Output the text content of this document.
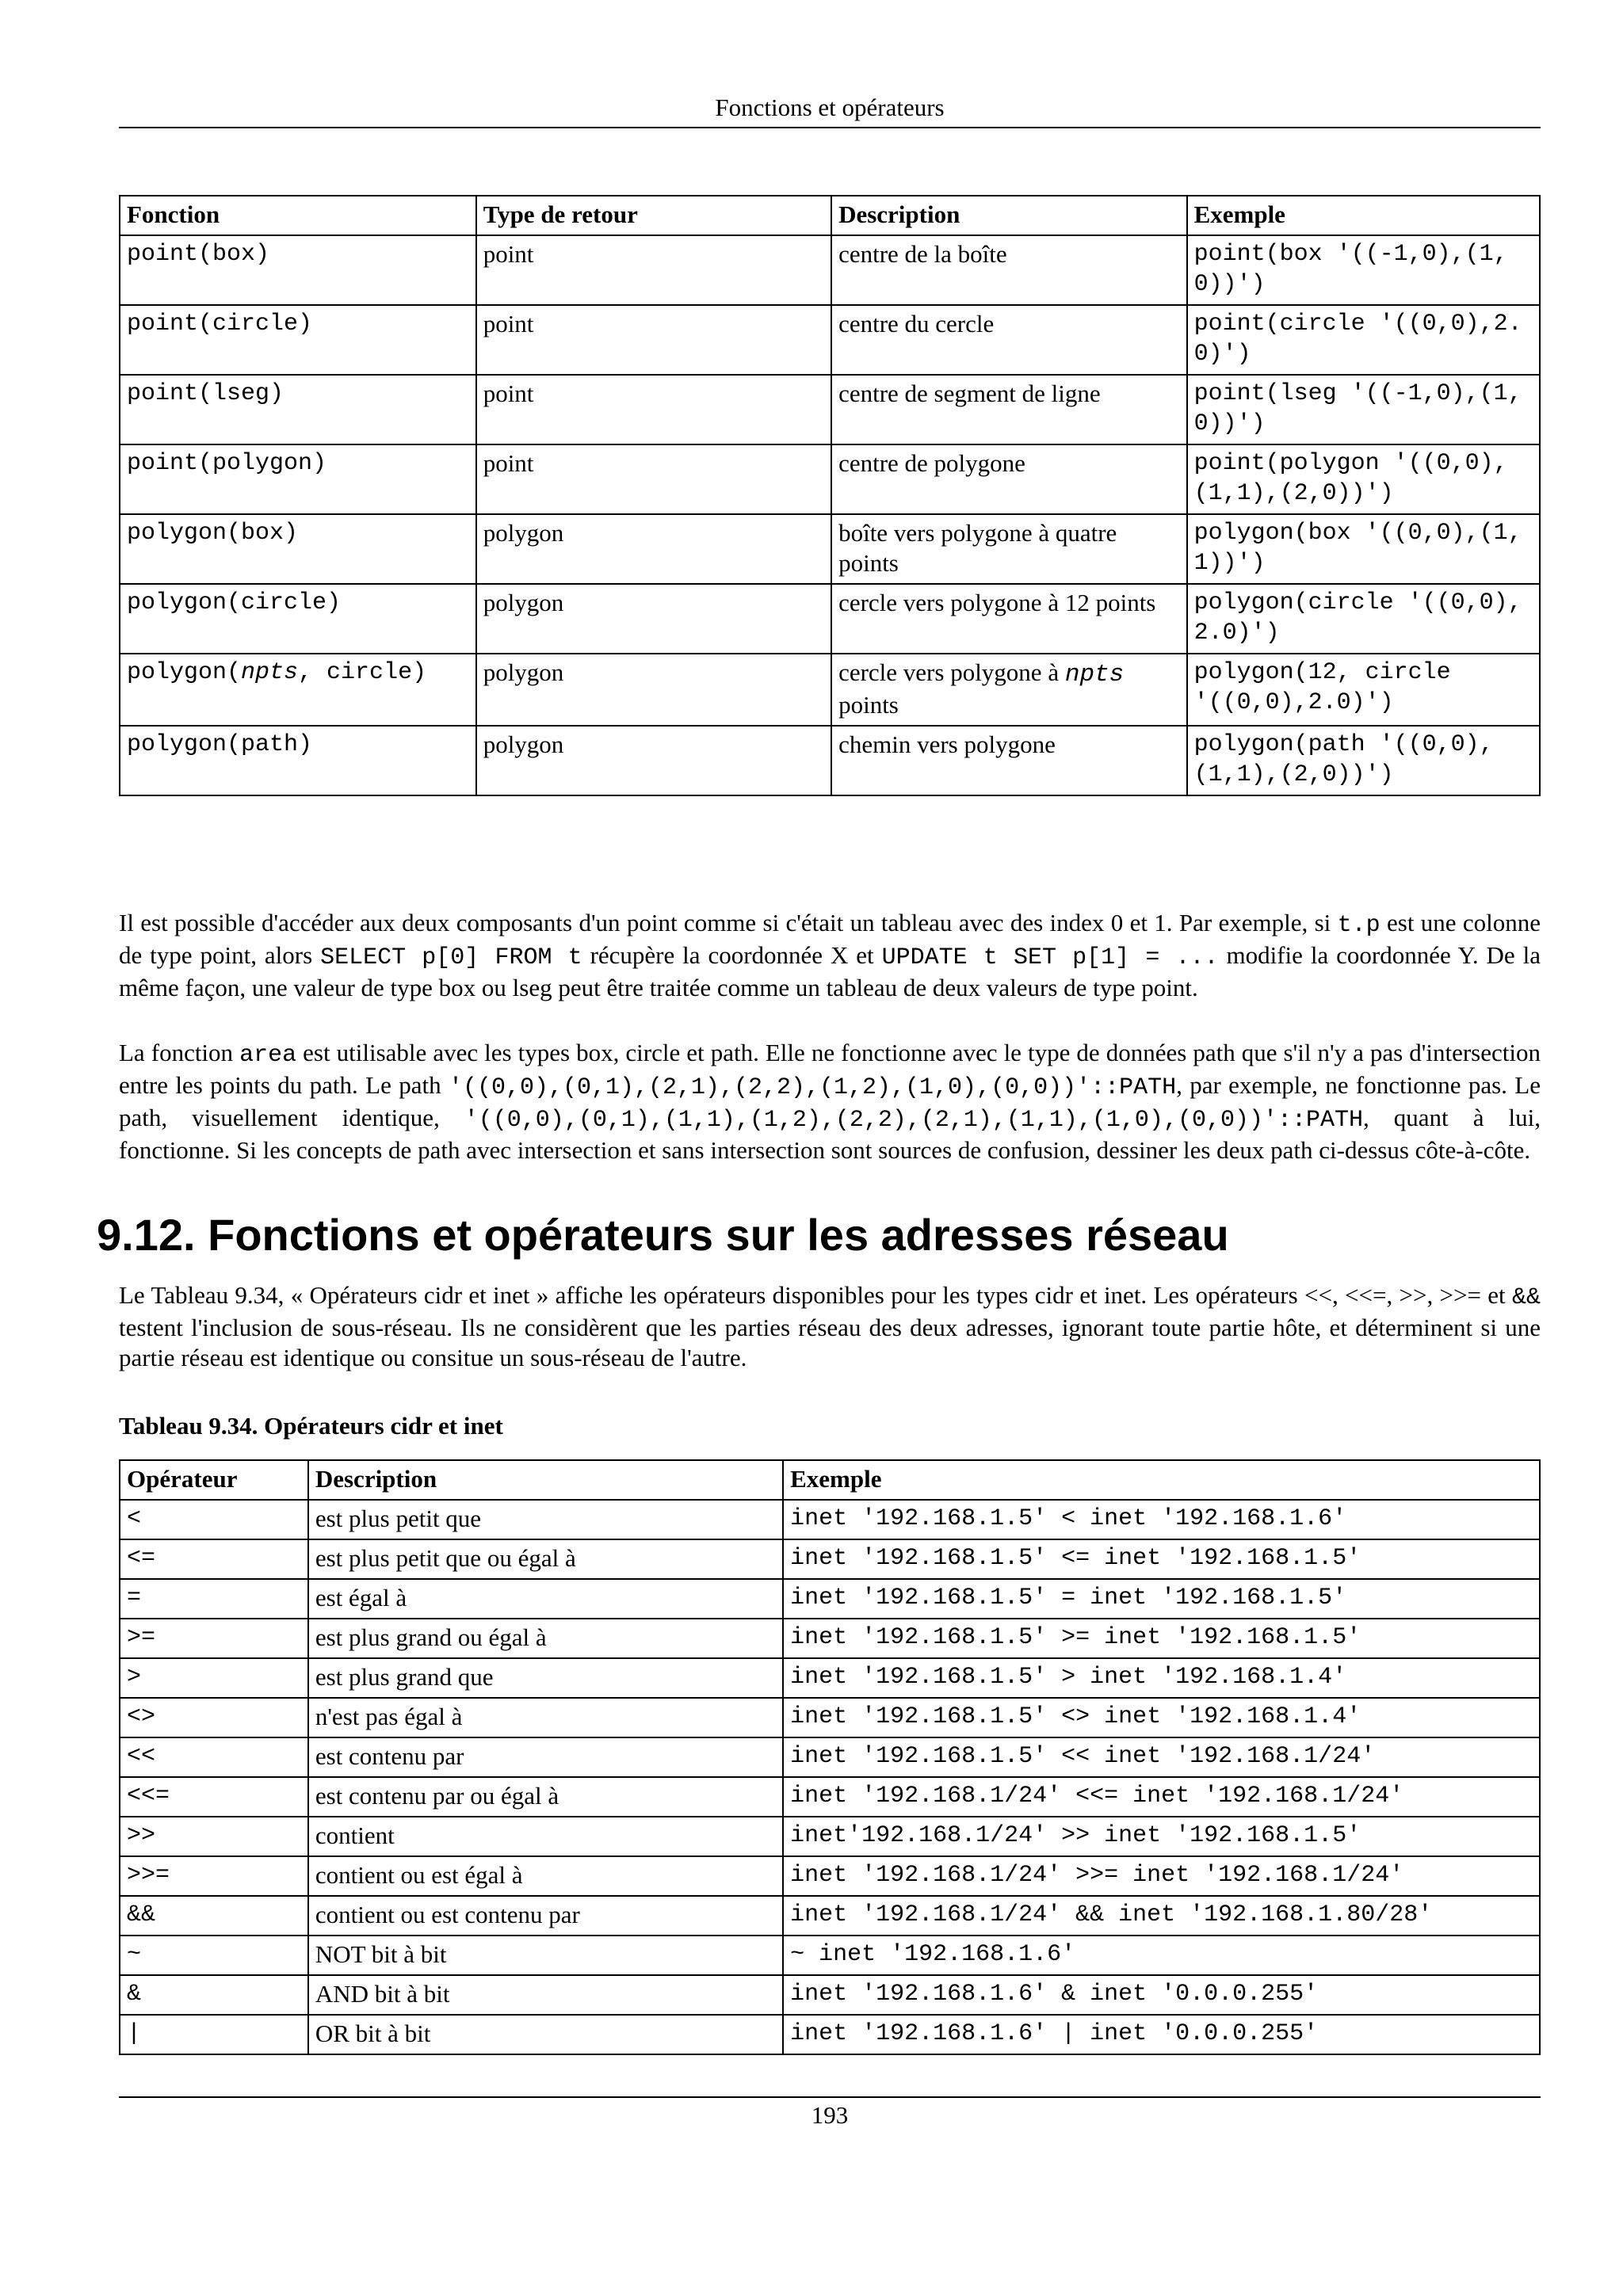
Fonctions et opérateurs
Fonction	Type de retour	Description	Exemple
point(box)	point	centre de la boîte	point(box '((-1,0),(1,0))')
point(circle)	point	centre du cercle	point(circle '((0,0),2.0)')
point(lseg)	point	centre de segment de ligne	point(lseg '((-1,0),(1,0))')
point(polygon)	point	centre de polygone	point(polygon '((0,0),(1,1),(2,0))')
polygon(box)	polygon	boîte vers polygone à quatre points	polygon(box '((0,0),(1,1))')
polygon(circle)	polygon	cercle vers polygone à 12 points	polygon(circle '((0,0),2.0)')
polygon(npts, circle)	polygon	cercle vers polygone à npts points	polygon(12, circle '((0,0),2.0)')
polygon(path)	polygon	chemin vers polygone	polygon(path '((0,0),(1,1),(2,0))')

Il est possible d'accéder aux deux composants d'un point comme si c'était un tableau avec des index 0 et 1. Par exemple, si t.p est une colonne de type point, alors SELECT p[0] FROM t récupère la coordonnée X et UPDATE t SET p[1] = ... modifie la coordonnée Y. De la même façon, une valeur de type box ou lseg peut être traitée comme un tableau de deux valeurs de type point.

La fonction area est utilisable avec les types box, circle et path. Elle ne fonctionne avec le type de données path que s'il n'y a pas d'intersection entre les points du path. Le path '((0,0),(0,1),(2,1),(2,2),(1,2),(1,0),(0,0))'::PATH, par exemple, ne fonctionne pas. Le path, visuellement identique, '((0,0),(0,1),(1,1),(1,2),(2,2),(2,1),(1,1),(1,0),(0,0))'::PATH, quant à lui, fonctionne. Si les concepts de path avec intersection et sans intersection sont sources de confusion, dessiner les deux path ci-dessus côte-à-côte.

9.12. Fonctions et opérateurs sur les adresses réseau

Le Tableau 9.34, « Opérateurs cidr et inet » affiche les opérateurs disponibles pour les types cidr et inet. Les opérateurs <<, <<=, >>, >>= et && testent l'inclusion de sous-réseau. Ils ne considèrent que les parties réseau des deux adresses, ignorant toute partie hôte, et déterminent si une partie réseau est identique ou consitue un sous-réseau de l'autre.

Tableau 9.34. Opérateurs cidr et inet
Opérateur	Description	Exemple
<	est plus petit que	inet '192.168.1.5' < inet '192.168.1.6'
<=	est plus petit que ou égal à	inet '192.168.1.5' <= inet '192.168.1.5'
=	est égal à	inet '192.168.1.5' = inet '192.168.1.5'
>=	est plus grand ou égal à	inet '192.168.1.5' >= inet '192.168.1.5'
>	est plus grand que	inet '192.168.1.5' > inet '192.168.1.4'
<>	n'est pas égal à	inet '192.168.1.5' <> inet '192.168.1.4'
<<	est contenu par	inet '192.168.1.5' << inet '192.168.1/24'
<<=	est contenu par ou égal à	inet '192.168.1/24' <<= inet '192.168.1/24'
>>	contient	inet'192.168.1/24' >> inet '192.168.1.5'
>>=	contient ou est égal à	inet '192.168.1/24' >>= inet '192.168.1/24'
&&	contient ou est contenu par	inet '192.168.1/24' && inet '192.168.1.80/28'
~	NOT bit à bit	~ inet '192.168.1.6'
&	AND bit à bit	inet '192.168.1.6' & inet '0.0.0.255'
|	OR bit à bit	inet '192.168.1.6' | inet '0.0.0.255'
193
